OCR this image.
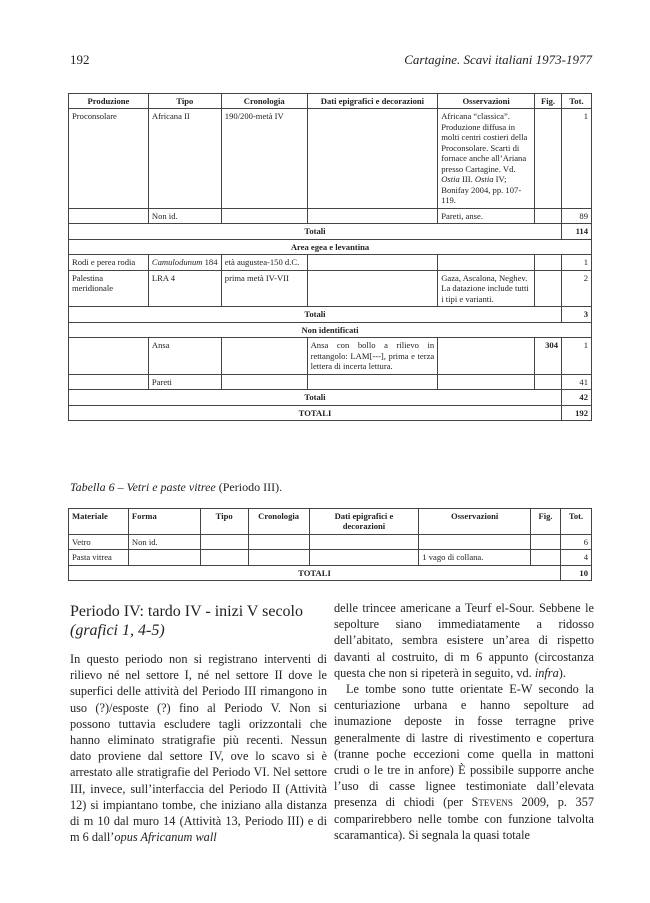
192	Cartagine. Scavi italiani 1973-1977
Produzione	Tipo	Cronologia	Dati epigrafici e decorazioni	Osservazioni	Fig.	Tot.
Proconsolare	Africana II	190/200-metà IV		Africana “classica”. Produzione diffusa in molti centri costieri della Proconsolare. Scarti di fornace anche all’Ariana presso Cartagine. Vd. Ostia III. Ostia IV; Bonifay 2004, pp. 107-119.		1
	Non id.			Pareti, anse.		89
Totali						114
Area egea e levantina						
Rodi e perea rodia	Camulodunum 184	età augustea-150 d.C.				1
Palestina meridionale	LRA 4	prima metà IV-VII		Gaza, Ascalona, Neghev. La datazione include tutti i tipi e varianti.		2
Totali						3
Non identificati						
	Ansa		Ansa con bollo a rilievo in rettangolo: LAM[---], prima e terza lettera di incerta lettura.		304	1
	Pareti					41
Totali						42
TOTALI						192
Tabella 6 – Vetri e paste vitree (Periodo III).
Materiale	Forma	Tipo	Cronologia	Dati epigrafici e decorazioni	Osservazioni	Fig.	Tot.
Vetro	Non id.						6
Pasta vitrea					1 vago di collana.		4
TOTALI							10
Periodo IV: tardo IV - inizi V secolo
(grafici 1, 4-5)

In questo periodo non si registrano interventi di rilievo né nel settore I, né nel settore II dove le superfici delle attività del Periodo III rimangono in uso (?)/esposte (?) fino al Periodo V. Non si possono tuttavia escludere tagli orizzontali che hanno eliminato stratigrafie più recenti. Nessun dato proviene dal settore IV, ove lo scavo si è arrestato alle stratigrafie del Periodo VI. Nel settore III, invece, sull’interfaccia del Periodo II (Attività 12) si impiantano tombe, che iniziano alla distanza di m 10 dal muro 14 (Attività 13, Periodo III) e di m 6 dall’opus Africanum wall

delle trincee americane a Teurf el-Sour. Sebbene le sepolture siano immediatamente a ridosso dell’abitato, sembra esistere un’area di rispetto davanti al costruito, di m 6 appunto (circostanza questa che non si ripeterà in seguito, vd. infra).

Le tombe sono tutte orientate E-W secondo la centuriazione urbana e hanno sepolture ad inumazione deposte in fosse terragne prive generalmente di lastre di rivestimento e copertura (tranne poche eccezioni come quella in mattoni crudi o le tre in anfore) È possibile supporre anche l’uso di casse lignee testimoniate dall’elevata presenza di chiodi (per Stevens 2009, p. 357 comparirebbero nelle tombe con funzione talvolta scaramantica). Si segnala la quasi totale
